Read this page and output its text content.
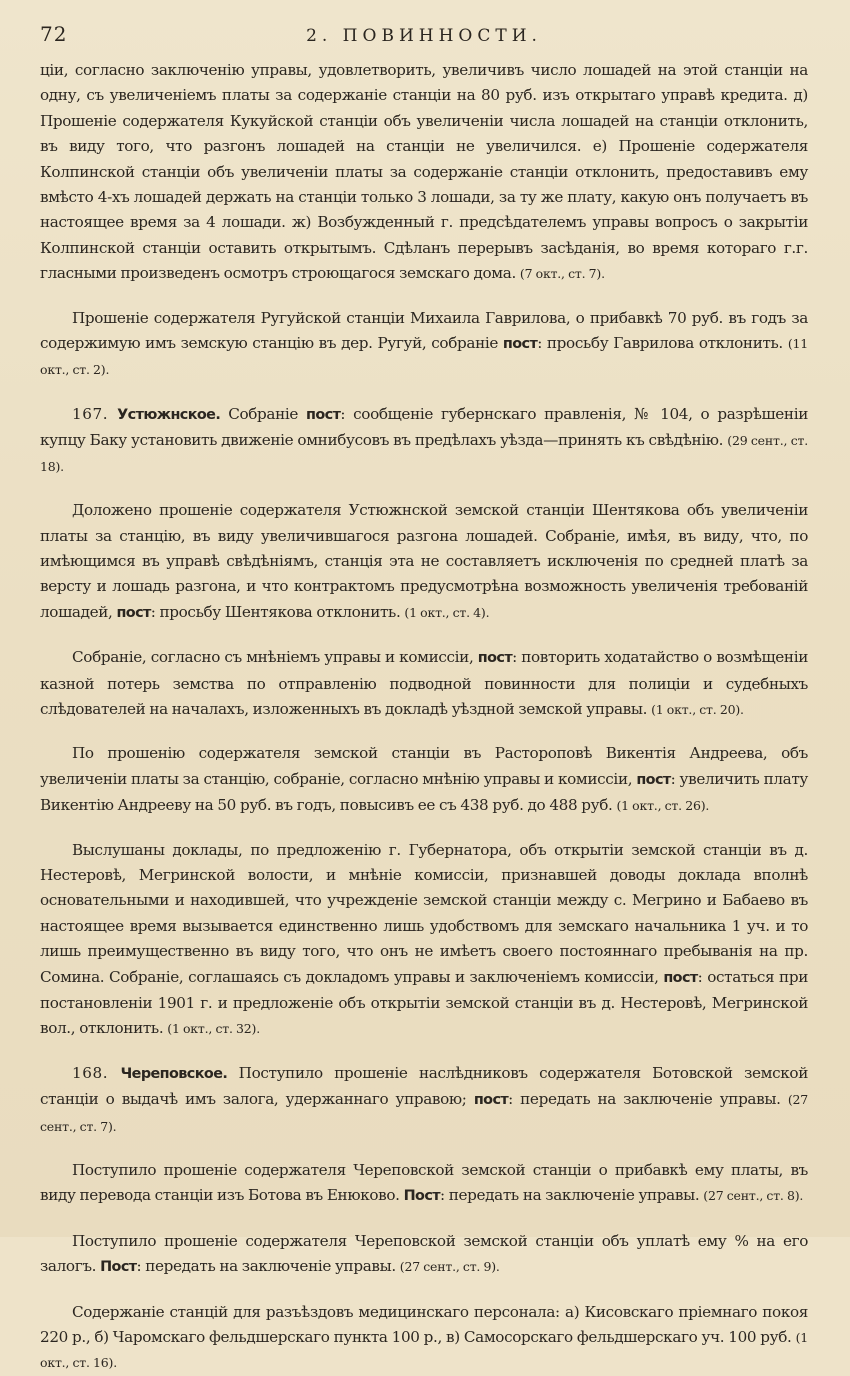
72	2. ПОВИННОСТИ.

ціи, согласно заключенію управы, удовлетворить, увеличивъ число лошадей на этой станціи на одну, съ увеличеніемъ платы за содержаніе станціи на 80 руб. изъ открытаго управѣ кредита. д) Прошеніе содержателя Кукуйской станціи объ увеличеніи числа лошадей на станціи отклонить, въ виду того, что разгонъ лошадей на станціи не увеличился. е) Прошеніе содержателя Колпинской станціи объ увеличеніи платы за содержаніе станціи отклонить, предоставивъ ему вмѣсто 4-хъ лошадей держать на станціи только 3 лошади, за ту же плату, какую онъ получаетъ въ настоящее время за 4 лошади. ж) Возбужденный г. предсѣдателемъ управы вопросъ о закрытіи Колпинской станціи оставить открытымъ. Сдѣланъ перерывъ засѣданія, во время котораго г.г. гласными произведенъ осмотръ строющагося земскаго дома. (7 окт., ст. 7).

Прошеніе содержателя Ругуйской станціи Михаила Гаврилова, о прибавкѣ 70 руб. въ годъ за содержимую имъ земскую станцію въ дер. Ругуй, собраніе пост: просьбу Гаврилова отклонить. (11 окт., ст. 2).

167. Устюжнское. Собраніе пост: сообщеніе губернскаго правленія, № 104, о разрѣшеніи купцу Баку установить движеніе омнибусовъ въ предѣлахъ уѣзда—принять къ свѣдѣнію. (29 сент., ст. 18).

Доложено прошеніе содержателя Устюжнской земской станціи Шентякова объ увеличеніи платы за станцію, въ виду увеличившагося разгона лошадей. Собраніе, имѣя, въ виду, что, по имѣющимся въ управѣ свѣдѣніямъ, станція эта не составляетъ исключенія по средней платѣ за версту и лошадь разгона, и что контрактомъ предусмотрѣна возможность увеличенія требованій лошадей, пост: просьбу Шентякова отклонить. (1 окт., ст. 4).

Собраніе, согласно съ мнѣніемъ управы и комиссіи, пост: повторить ходатайство о возмѣщеніи казной потерь земства по отправленію подводной повинности для полиціи и судебныхъ слѣдователей на началахъ, изложенныхъ въ докладѣ уѣздной земской управы. (1 окт., ст. 20).

По прошенію содержателя земской станціи въ Растороповѣ Викентія Андреева, объ увеличеніи платы за станцію, собраніе, согласно мнѣнію управы и комиссіи, пост: увеличить плату Викентію Андрееву на 50 руб. въ годъ, повысивъ ее съ 438 руб. до 488 руб. (1 окт., ст. 26).

Выслушаны доклады, по предложенію г. Губернатора, объ открытіи земской станціи въ д. Нестеровѣ, Мегринской волости, и мнѣніе комиссіи, признавшей доводы доклада вполнѣ основательными и находившей, что учрежденіе земской станціи между с. Мегрино и Бабаево въ настоящее время вызывается единственно лишь удобствомъ для земскаго начальника 1 уч. и то лишь преимущественно въ виду того, что онъ не имѣетъ своего постояннаго пребыванія на пр. Сомина. Собраніе, соглашаясь съ докладомъ управы и заключеніемъ комиссіи, пост: остаться при постановленіи 1901 г. и предложеніе объ открытіи земской станціи въ д. Нестеровѣ, Мегринской вол., отклонить. (1 окт., ст. 32).

168. Череповское. Поступило прошеніе наслѣдниковъ содержателя Ботовской земской станціи о выдачѣ имъ залога, удержаннаго управою; пост: передать на заключеніе управы. (27 сент., ст. 7).

Поступило прошеніе содержателя Череповской земской станціи о прибавкѣ ему платы, въ виду перевода станціи изъ Ботова въ Енюково. Пост: передать на заключеніе управы. (27 сент., ст. 8).

Поступило прошеніе содержателя Череповской земской станціи объ уплатѣ ему % на его залогъ. Пост: передать на заключеніе управы. (27 сент., ст. 9).

Содержаніе станцій для разъѣздовъ медицинскаго персонала: а) Кисовскаго пріемнаго покоя 220 р., б) Чаромскаго фельдшерскаго пункта 100 р., в) Самосорскаго фельдшерскаго уч. 100 руб. (1 окт., ст. 16).
